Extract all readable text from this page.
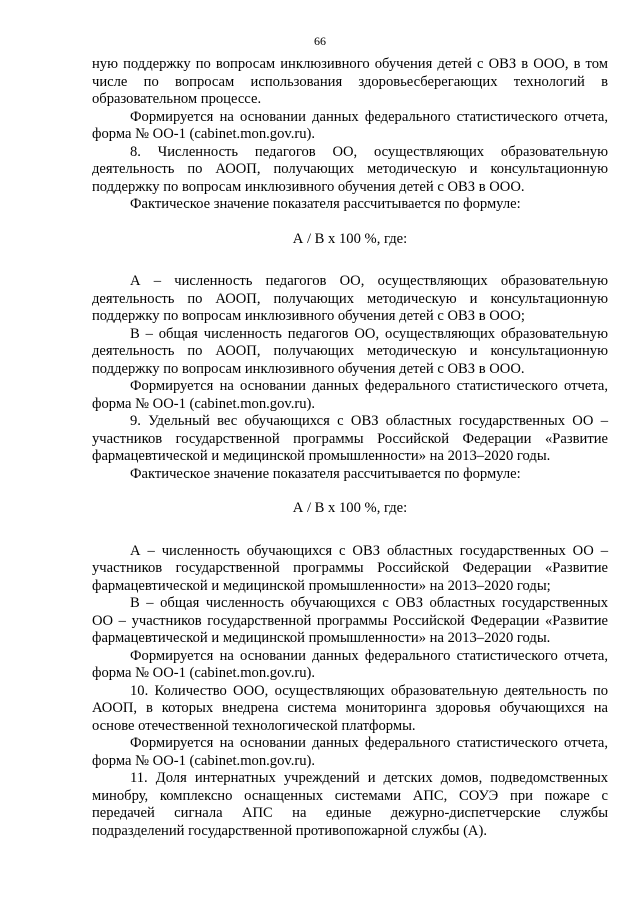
66

ную поддержку по вопросам инклюзивного обучения детей с ОВЗ в ООО, в том числе по вопросам использования здоровьесберегающих технологий в образовательном процессе.

Формируется на основании данных федерального статистического отчета, форма № ОО-1 (cabinet.mon.gov.ru).

8. Численность педагогов ОО, осуществляющих образовательную деятельность по АООП, получающих методическую и консультационную поддержку по вопросам инклюзивного обучения детей с ОВЗ в ООО.

Фактическое значение показателя рассчитывается по формуле:

А / В х 100 %, где:

А – численность педагогов ОО, осуществляющих образовательную деятельность по АООП, получающих методическую и консультационную поддержку по вопросам инклюзивного обучения детей с ОВЗ в ООО;

В – общая численность педагогов ОО, осуществляющих образовательную деятельность по АООП, получающих методическую и консультационную поддержку по вопросам инклюзивного обучения детей с ОВЗ в ООО.

Формируется на основании данных федерального статистического отчета, форма № ОО-1 (cabinet.mon.gov.ru).

9. Удельный вес обучающихся с ОВЗ областных государственных ОО – участников государственной программы Российской Федерации «Развитие фармацевтической и медицинской промышленности» на 2013–2020 годы.

Фактическое значение показателя рассчитывается по формуле:

А / В х 100 %, где:

А – численность обучающихся с ОВЗ областных государственных ОО – участников государственной программы Российской Федерации «Развитие фармацевтической и медицинской промышленности» на 2013–2020 годы;

В – общая численность обучающихся с ОВЗ областных государственных ОО – участников государственной программы Российской Федерации «Развитие фармацевтической и медицинской промышленности» на 2013–2020 годы.

Формируется на основании данных федерального статистического отчета, форма № ОО-1 (cabinet.mon.gov.ru).

10. Количество ООО, осуществляющих образовательную деятельность по АООП, в которых внедрена система мониторинга здоровья обучающихся на основе отечественной технологической платформы.

Формируется на основании данных федерального статистического отчета, форма № ОО-1 (cabinet.mon.gov.ru).

11. Доля интернатных учреждений и детских домов, подведомственных минобру, комплексно оснащенных системами АПС, СОУЭ при пожаре с передачей сигнала АПС на единые дежурно-диспетчерские службы подразделений государственной противопожарной службы (А).
